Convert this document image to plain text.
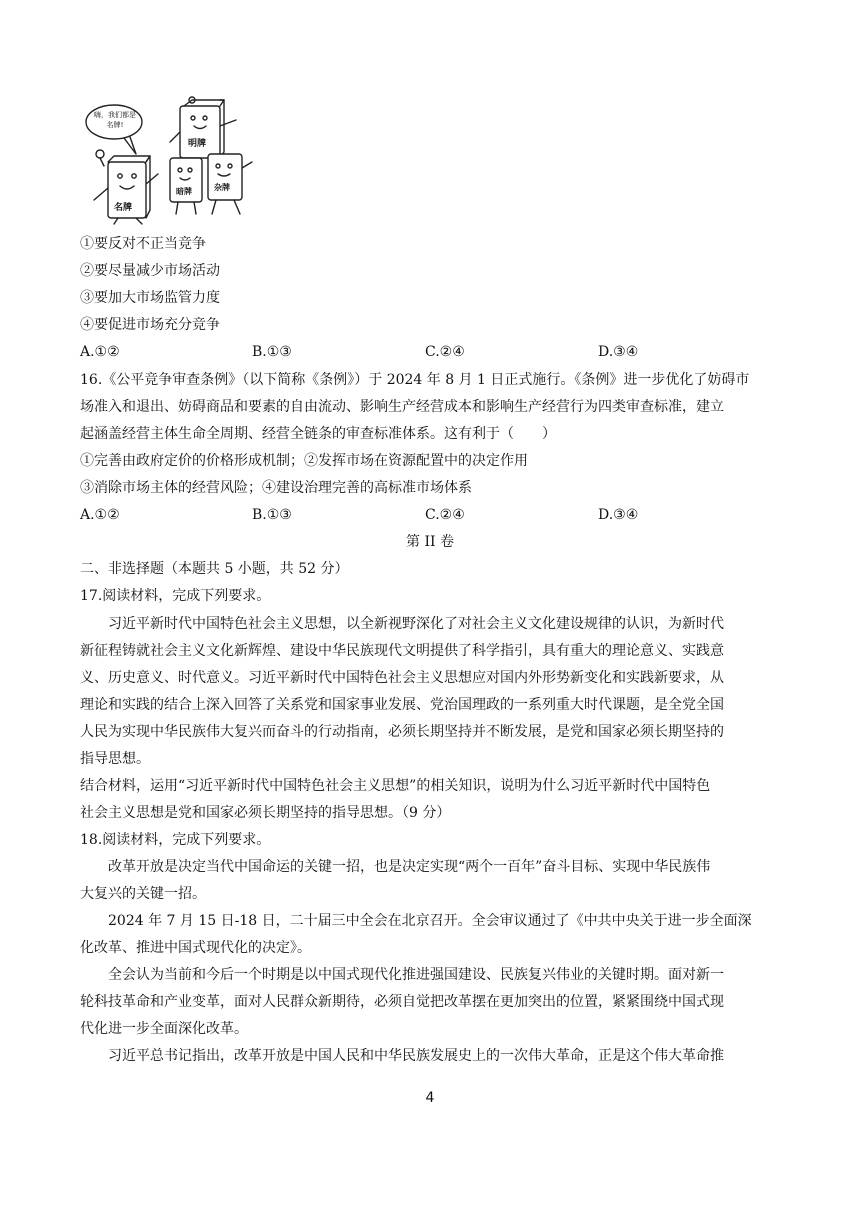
嗨，我们都是名牌!
明牌
暗牌	杂牌
名牌
①要反对不正当竞争
②要尽量减少市场活动
③要加大市场监管力度
④要促进市场充分竞争
A.①②	B.①③	C.②④	D.③④
16.《公平竞争审查条例》（以下简称《条例》）于 2024 年 8 月 1 日正式施行。《条例》进一步优化了妨碍市
场准入和退出、妨碍商品和要素的自由流动、影响生产经营成本和影响生产经营行为四类审查标准，建立
起涵盖经营主体生命全周期、经营全链条的审查标准体系。这有利于（　　）
①完善由政府定价的价格形成机制；②发挥市场在资源配置中的决定作用
③消除市场主体的经营风险；④建设治理完善的高标准市场体系
A.①②	B.①③	C.②④	D.③④
第 II 卷
二、非选择题（本题共 5 小题，共 52 分）
17.阅读材料，完成下列要求。
习近平新时代中国特色社会主义思想，以全新视野深化了对社会主义文化建设规律的认识，为新时代
新征程铸就社会主义文化新辉煌、建设中华民族现代文明提供了科学指引，具有重大的理论意义、实践意
义、历史意义、时代意义。习近平新时代中国特色社会主义思想应对国内外形势新变化和实践新要求，从
理论和实践的结合上深入回答了关系党和国家事业发展、党治国理政的一系列重大时代课题，是全党全国
人民为实现中华民族伟大复兴而奋斗的行动指南，必须长期坚持并不断发展，是党和国家必须长期坚持的
指导思想。
结合材料，运用“习近平新时代中国特色社会主义思想”的相关知识，说明为什么习近平新时代中国特色
社会主义思想是党和国家必须长期坚持的指导思想。（9 分）
18.阅读材料，完成下列要求。
改革开放是决定当代中国命运的关键一招，也是决定实现“两个一百年”奋斗目标、实现中华民族伟
大复兴的关键一招。
2024 年 7 月 15 日-18 日，二十届三中全会在北京召开。全会审议通过了《中共中央关于进一步全面深
化改革、推进中国式现代化的决定》。
全会认为当前和今后一个时期是以中国式现代化推进强国建设、民族复兴伟业的关键时期。面对新一
轮科技革命和产业变革，面对人民群众新期待，必须自觉把改革摆在更加突出的位置，紧紧围绕中国式现
代化进一步全面深化改革。
习近平总书记指出，改革开放是中国人民和中华民族发展史上的一次伟大革命，正是这个伟大革命推
4
